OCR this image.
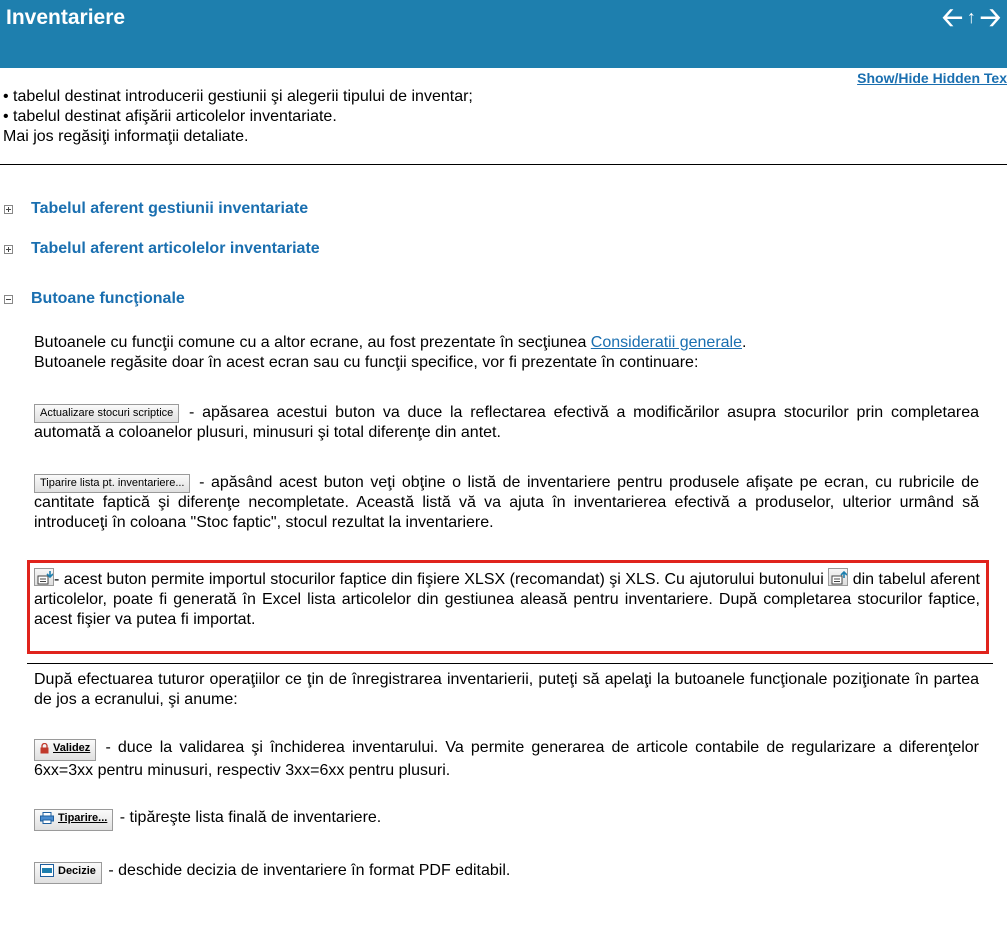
Inventariere	🡠 ↑ 🡢
Show/Hide Hidden Tex
• tabelul destinat introducerii gestiunii şi alegerii tipului de inventar;
• tabelul destinat afişării articolelor inventariate.
Mai jos regăsiţi informaţii detaliate.
Tabelul aferent gestiunii inventariate
Tabelul aferent articolelor inventariate
Butoane funcţionale
Butoanele cu funcţii comune cu a altor ecrane, au fost prezentate în secţiunea Consideratii generale.
Butoanele regăsite doar în acest ecran sau cu funcţii specifice, vor fi prezentate în continuare:
Actualizare stocuri scriptice - apăsarea acestui buton va duce la reflectarea efectivă a modificărilor asupra stocurilor prin completarea automată a coloanelor plusuri, minusuri şi total diferenţe din antet.
Tiparire lista pt. inventariere... - apăsând acest buton veţi obţine o listă de inventariere pentru produsele afişate pe ecran, cu rubricile de cantitate faptică şi diferenţe necompletate. Această listă vă va ajuta în inventarierea efectivă a produselor, ulterior urmând să introduceţi în coloana "Stoc faptic", stocul rezultat la inventariere.
- acest buton permite importul stocurilor faptice din fişiere XLSX (recomandat) şi XLS. Cu ajutorului butonului
din tabelul aferent articolelor, poate fi generată în Excel lista articolelor din gestiunea aleasă pentru inventariere. După completarea stocurilor faptice, acest fişier va putea fi importat.
După efectuarea tuturor operaţiilor ce ţin de înregistrarea inventarierii, puteţi să apelaţi la butoanele funcţionale poziţionate în partea de jos a ecranului, şi anume:
Validez - duce la validarea şi închiderea inventarului. Va permite generarea de articole contabile de regularizare a diferenţelor 6xx=3xx pentru minusuri, respectiv 3xx=6xx pentru plusuri.
Tiparire... - tipăreşte lista finală de inventariere.
Decizie - deschide decizia de inventariere în format PDF editabil.
